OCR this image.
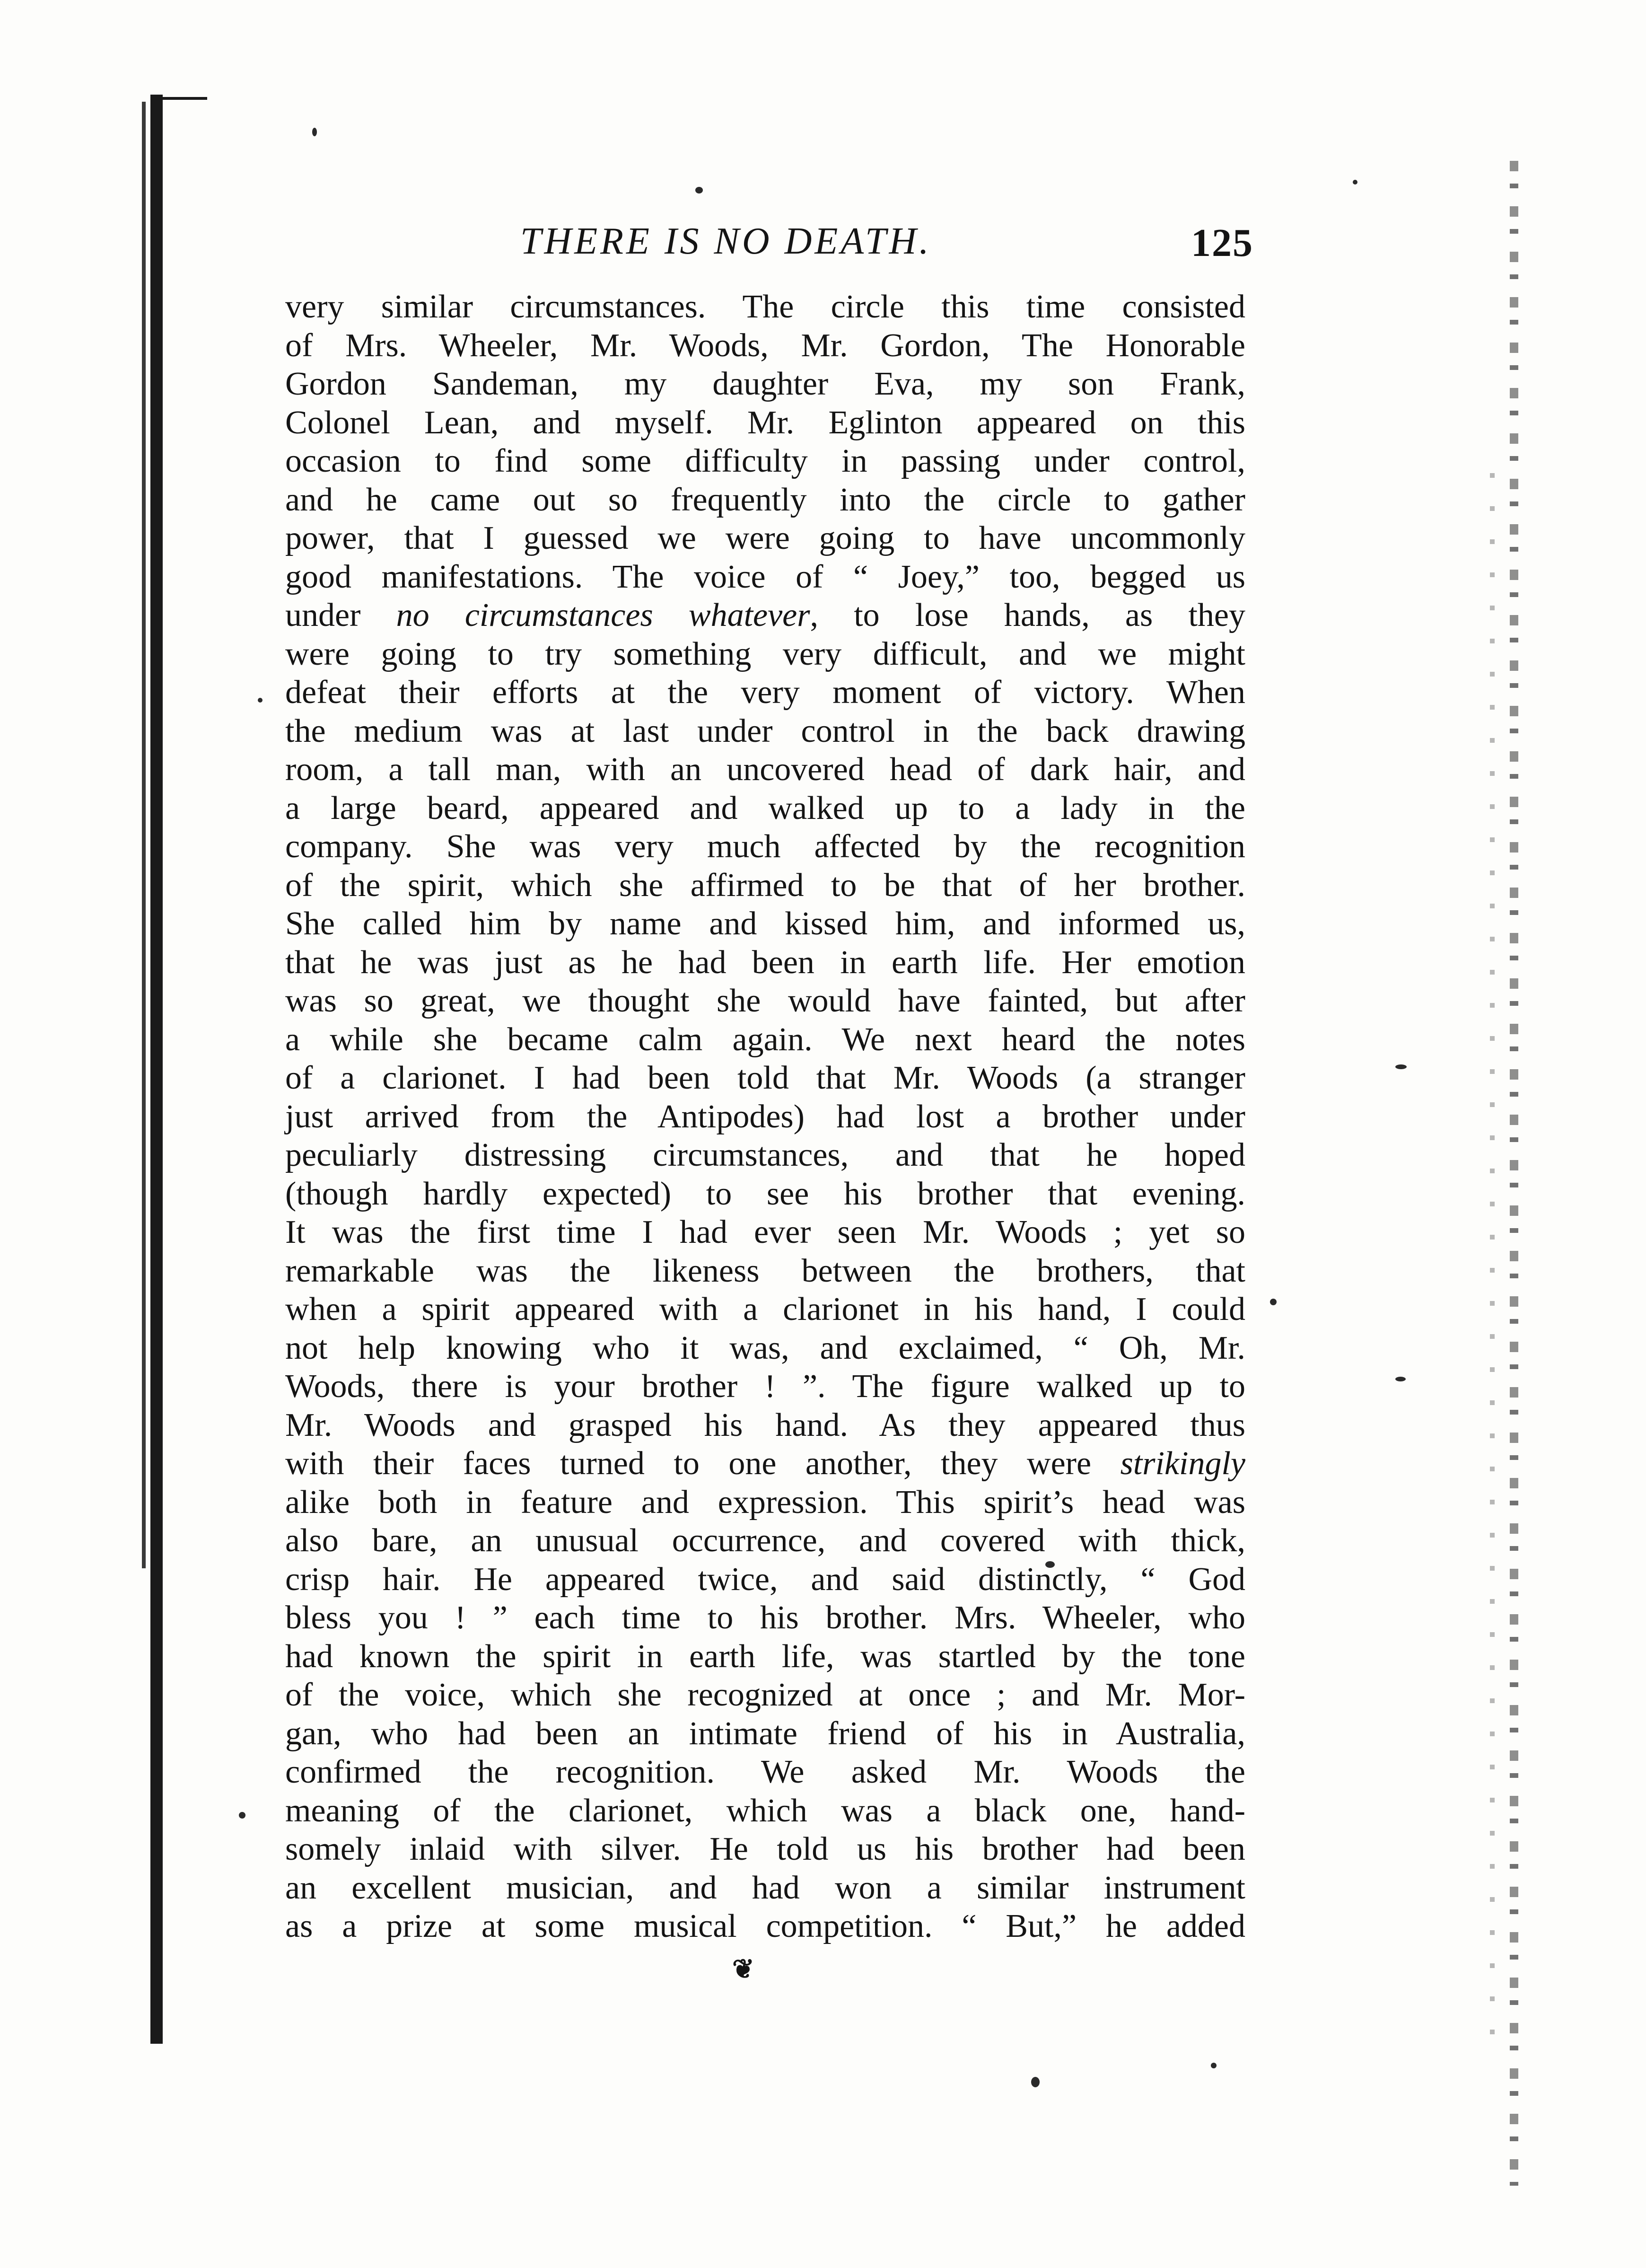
THERE IS NO DEATH.	125
very similar circumstances. The circle this time consisted
of Mrs. Wheeler, Mr. Woods, Mr. Gordon, The Honorable
Gordon Sandeman, my daughter Eva, my son Frank,
Colonel Lean, and myself. Mr. Eglinton appeared on this
occasion to find some difficulty in passing under control,
and he came out so frequently into the circle to gather
power, that I guessed we were going to have uncommonly
good manifestations. The voice of “ Joey,” too, begged us
under no circumstances whatever, to lose hands, as they
were going to try something very difficult, and we might
defeat their efforts at the very moment of victory. When
the medium was at last under control in the back drawing
room, a tall man, with an uncovered head of dark hair, and
a large beard, appeared and walked up to a lady in the
company. She was very much affected by the recognition
of the spirit, which she affirmed to be that of her brother.
She called him by name and kissed him, and informed us,
that he was just as he had been in earth life. Her emotion
was so great, we thought she would have fainted, but after
a while she became calm again. We next heard the notes
of a clarionet. I had been told that Mr. Woods (a stranger
just arrived from the Antipodes) had lost a brother under
peculiarly distressing circumstances, and that he hoped
(though hardly expected) to see his brother that evening.
It was the first time I had ever seen Mr. Woods ; yet so
remarkable was the likeness between the brothers, that
when a spirit appeared with a clarionet in his hand, I could
not help knowing who it was, and exclaimed, “ Oh, Mr.
Woods, there is your brother ! ”. The figure walked up to
Mr. Woods and grasped his hand. As they appeared thus
with their faces turned to one another, they were strikingly
alike both in feature and expression. This spirit’s head was
also bare, an unusual occurrence, and covered with thick,
crisp hair. He appeared twice, and said distinctly, “ God
bless you ! ” each time to his brother. Mrs. Wheeler, who
had known the spirit in earth life, was startled by the tone
of the voice, which she recognized at once ; and Mr. Mor-
gan, who had been an intimate friend of his in Australia,
confirmed the recognition. We asked Mr. Woods the
meaning of the clarionet, which was a black one, hand-
somely inlaid with silver. He told us his brother had been
an excellent musician, and had won a similar instrument
as a prize at some musical competition. “ But,” he added
❦
